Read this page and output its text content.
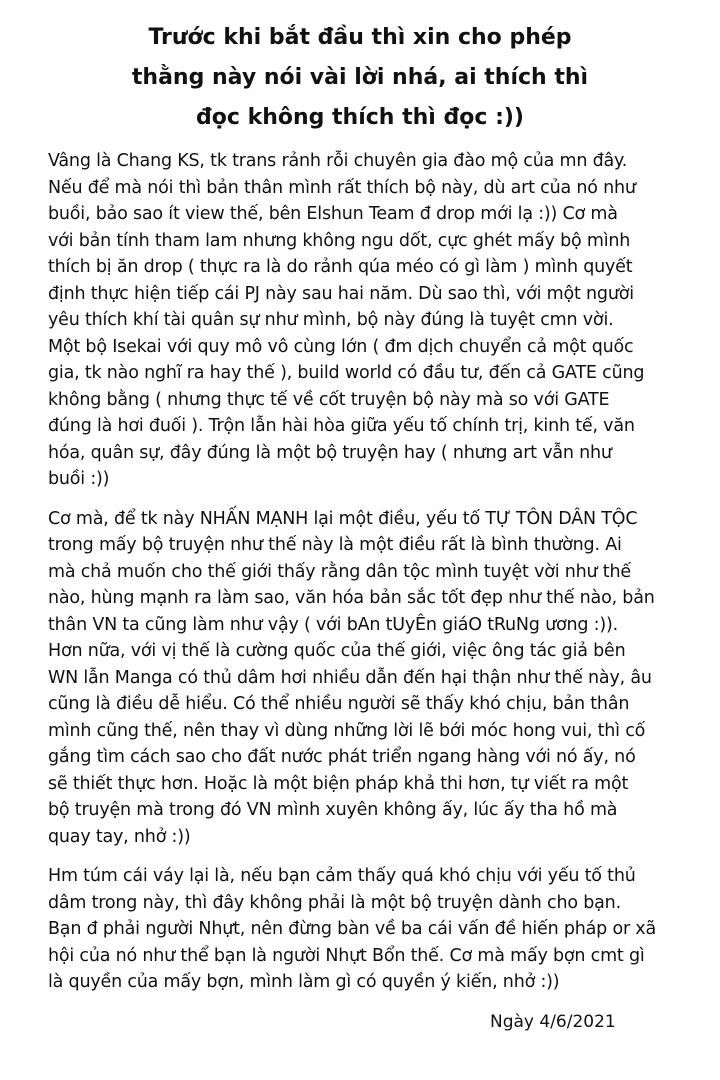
Trước khi bắt đầu thì xin cho phép
thằng này nói vài lời nhá, ai thích thì
đọc không thích thì đọc :))
Vâng là Chang KS, tk trans rảnh rỗi chuyên gia đào mộ của mn đây.
Nếu để mà nói thì bản thân mình rất thích bộ này, dù art của nó như
buồi, bảo sao ít view thế, bên Elshun Team đ drop mới lạ :)) Cơ mà
với bản tính tham lam nhưng không ngu dốt, cực ghét mấy bộ mình
thích bị ăn drop ( thực ra là do rảnh qúa méo có gì làm ) mình quyết
định thực hiện tiếp cái PJ này sau hai năm. Dù sao thì, với một người
yêu thích khí tài quân sự như mình, bộ này đúng là tuyệt cmn vời.
Một bộ Isekai với quy mô vô cùng lớn ( đm dịch chuyển cả một quốc
gia, tk nào nghĩ ra hay thế ), build world có đầu tư, đến cả GATE cũng
không bằng ( nhưng thực tế về cốt truyện bộ này mà so với GATE
đúng là hơi đuối ). Trộn lẫn hài hòa giữa yếu tố chính trị, kinh tế, văn
hóa, quân sự, đây đúng là một bộ truyện hay ( nhưng art vẫn như
buồi :))
Cơ mà, để tk này NHẤN MẠNH lại một điều, yếu tố TỰ TÔN DÂN TỘC
trong mấy bộ truyện như thế này là một điều rất là bình thường. Ai
mà chả muốn cho thế giới thấy rằng dân tộc mình tuyệt vời như thế
nào, hùng mạnh ra làm sao, văn hóa bản sắc tốt đẹp như thế nào, bản
thân VN ta cũng làm như vậy ( với bAn tUyÊn giáO tRuNg ương :)).
Hơn nữa, với vị thế là cường quốc của thế giới, việc ông tác giả bên
WN lẫn Manga có thủ dâm hơi nhiều dẫn đến hại thận như thế này, âu
cũng là điều dễ hiểu. Có thể nhiều người sẽ thấy khó chịu, bản thân
mình cũng thế, nên thay vì dùng những lời lẽ bới móc hong vui, thì cố
gắng tìm cách sao cho đất nước phát triển ngang hàng với nó ấy, nó
sẽ thiết thực hơn. Hoặc là một biện pháp khả thi hơn, tự viết ra một
bộ truyện mà trong đó VN mình xuyên không ấy, lúc ấy tha hồ mà
quay tay, nhở :))
Hm túm cái váy lại là, nếu bạn cảm thấy quá khó chịu với yếu tố thủ
dâm trong này, thì đây không phải là một bộ truyện dành cho bạn.
Bạn đ phải người Nhựt, nên đừng bàn về ba cái vấn đề hiến pháp or xã
hội của nó như thể bạn là người Nhựt Bổn thế. Cơ mà mấy bợn cmt gì
là quyền của mấy bợn, mình làm gì có quyền ý kiến, nhở :))
Ngày 4/6/2021
